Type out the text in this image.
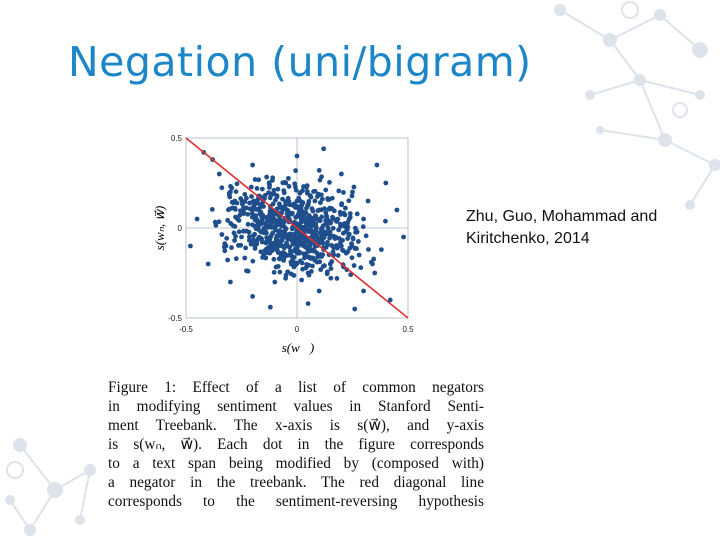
Negation (uni/bigram)
s(wₙ, w⃗)
s(w⃗)
-0.5	0	0.5
0.5
0
-0.5
Zhu, Guo, Mohammad and
Kiritchenko, 2014
Figure 1: Effect of a list of common negators
in modifying sentiment values in Stanford Senti-
ment Treebank. The x-axis is s(w⃗), and y-axis
is s(wₙ, w⃗). Each dot in the figure corresponds
to a text span being modified by (composed with)
a negator in the treebank. The red diagonal line
corresponds to the sentiment-reversing hypothesis
